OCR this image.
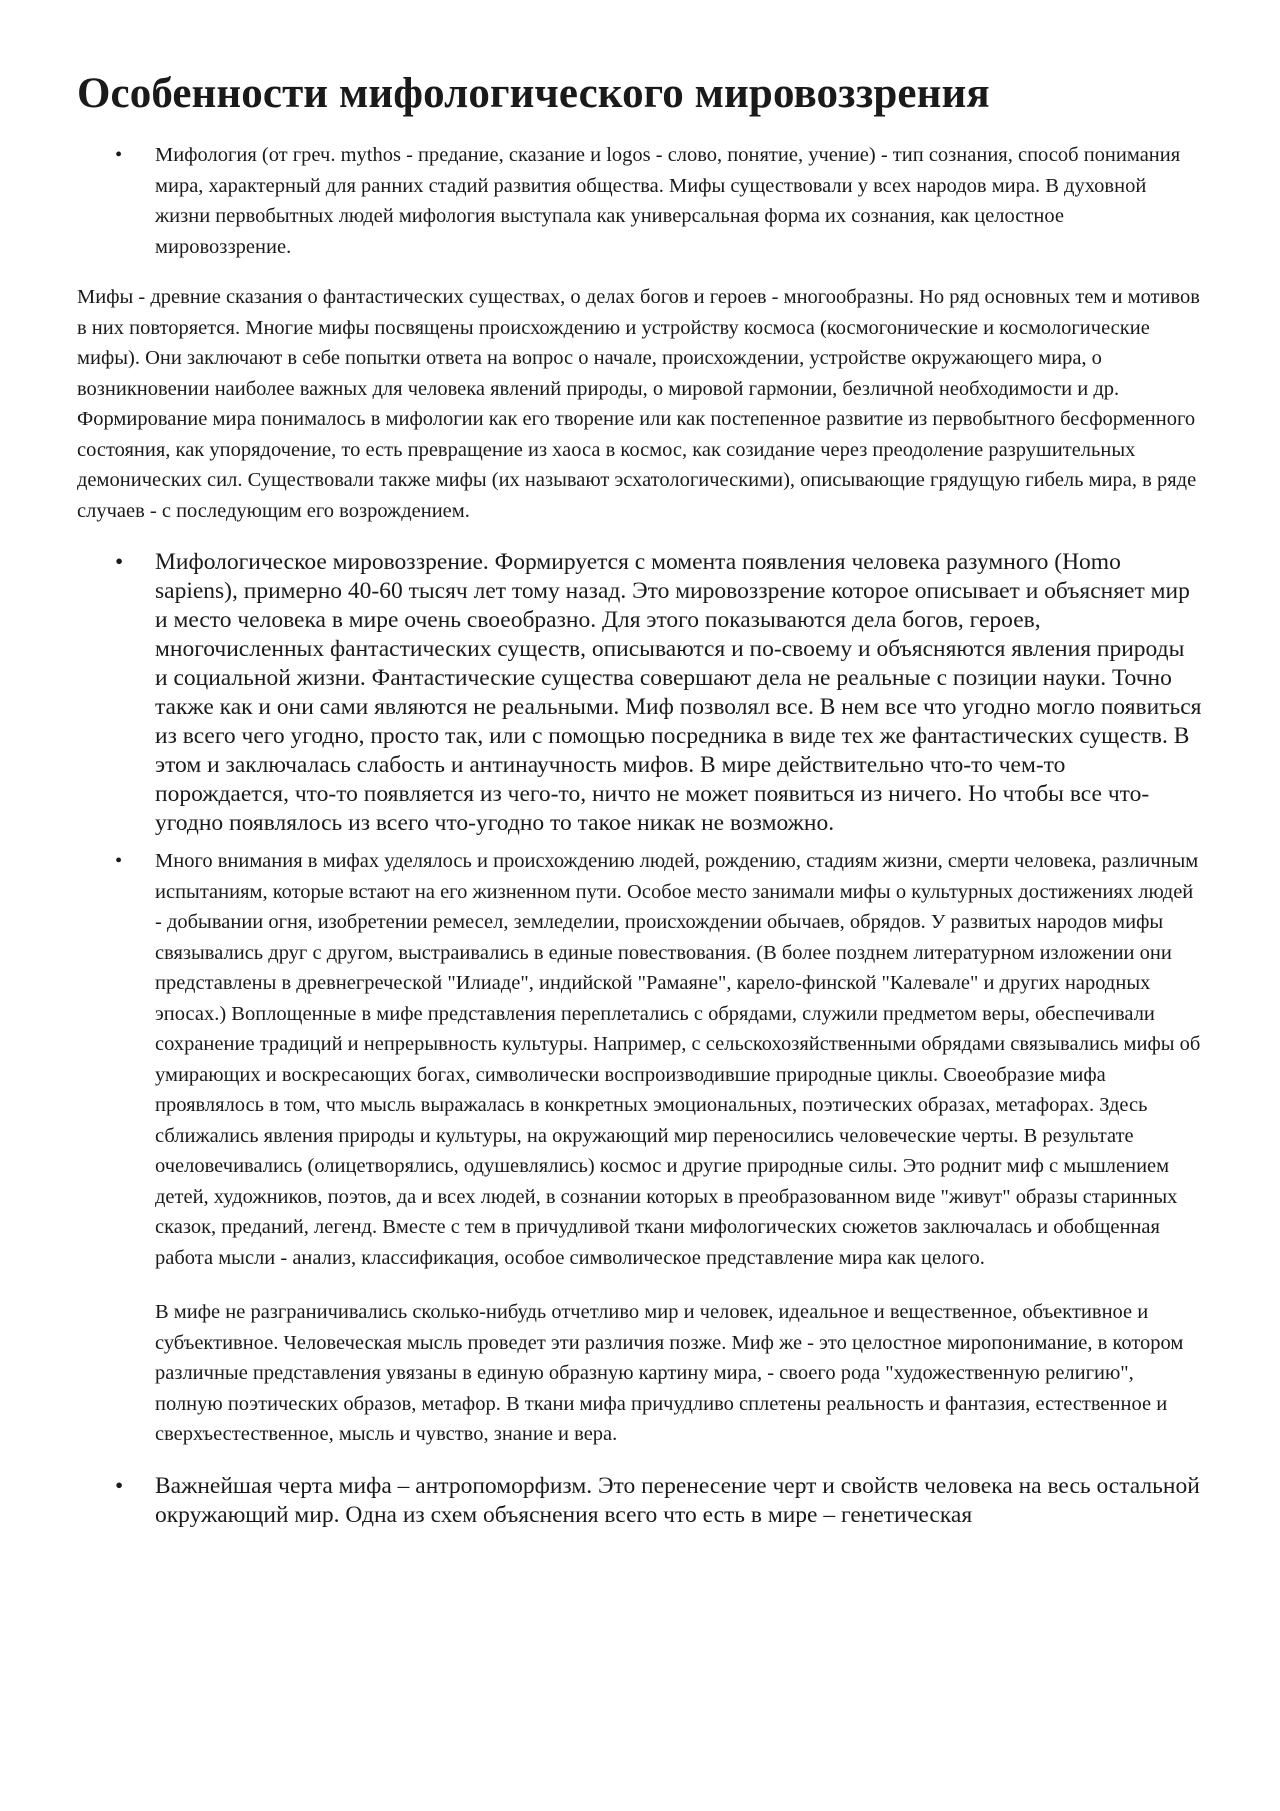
Особенности мифологического мировоззрения
• Мифология (от греч. mythos - предание, сказание и logos - слово, понятие, учение) - тип сознания, способ понимания мира, характерный для ранних стадий развития общества. Мифы существовали у всех народов мира. В духовной жизни первобытных людей мифология выступала как универсальная форма их сознания, как целостное мировоззрение.

Мифы - древние сказания о фантастических существах, о делах богов и героев - многообразны. Но ряд основных тем и мотивов в них повторяется. Многие мифы посвящены происхождению и устройству космоса (космогонические и космологические мифы). Они заключают в себе попытки ответа на вопрос о начале, происхождении, устройстве окружающего мира, о возникновении наиболее важных для человека явлений природы, о мировой гармонии, безличной необходимости и др. Формирование мира понималось в мифологии как его творение или как постепенное развитие из первобытного бесформенного состояния, как упорядочение, то есть превращение из хаоса в космос, как созидание через преодоление разрушительных демонических сил. Существовали также мифы (их называют эсхатологическими), описывающие грядущую гибель мира, в ряде случаев - с последующим его возрождением.

• Мифологическое мировоззрение. Формируется с момента появления человека разумного (Homo sapiens), примерно 40-60 тысяч лет тому назад. Это мировоззрение которое описывает и объясняет мир и место человека в мире очень своеобразно. Для этого показываются дела богов, героев, многочисленных фантастических существ, описываются и по-своему и объясняются явления природы и социальной жизни. Фантастические существа совершают дела не реальные с позиции науки. Точно также как и они сами являются не реальными. Миф позволял все. В нем все что угодно могло появиться из всего чего угодно, просто так, или с помощью посредника в виде тех же фантастических существ. В этом и заключалась слабость и антинаучность мифов. В мире действительно что-то чем-то порождается, что-то появляется из чего-то, ничто не может появиться из ничего. Но чтобы все что-угодно появлялось из всего что-угодно то такое никак не возможно.
• Много внимания в мифах уделялось и происхождению людей, рождению, стадиям жизни, смерти человека, различным испытаниям, которые встают на его жизненном пути. Особое место занимали мифы о культурных достижениях людей - добывании огня, изобретении ремесел, земледелии, происхождении обычаев, обрядов. У развитых народов мифы связывались друг с другом, выстраивались в единые повествования. (В более позднем литературном изложении они представлены в древнегреческой "Илиаде", индийской "Рамаяне", карело-финской "Калевале" и других народных эпосах.) Воплощенные в мифе представления переплетались с обрядами, служили предметом веры, обеспечивали сохранение традиций и непрерывность культуры. Например, с сельскохозяйственными обрядами связывались мифы об умирающих и воскресающих богах, символически воспроизводившие природные циклы. Своеобразие мифа проявлялось в том, что мысль выражалась в конкретных эмоциональных, поэтических образах, метафорах. Здесь сближались явления природы и культуры, на окружающий мир переносились человеческие черты. В результате очеловечивались (олицетворялись, одушевлялись) космос и другие природные силы. Это роднит миф с мышлением детей, художников, поэтов, да и всех людей, в сознании которых в преобразованном виде "живут" образы старинных сказок, преданий, легенд. Вместе с тем в причудливой ткани мифологических сюжетов заключалась и обобщенная работа мысли - анализ, классификация, особое символическое представление мира как целого.

В мифе не разграничивались сколько-нибудь отчетливо мир и человек, идеальное и вещественное, объективное и субъективное. Человеческая мысль проведет эти различия позже. Миф же - это целостное миропонимание, в котором различные представления увязаны в единую образную картину мира, - своего рода "художественную религию", полную поэтических образов, метафор. В ткани мифа причудливо сплетены реальность и фантазия, естественное и сверхъестественное, мысль и чувство, знание и вера.

• Важнейшая черта мифа – антропоморфизм. Это перенесение черт и свойств человека на весь остальной окружающий мир. Одна из схем объяснения всего что есть в мире – генетическая
